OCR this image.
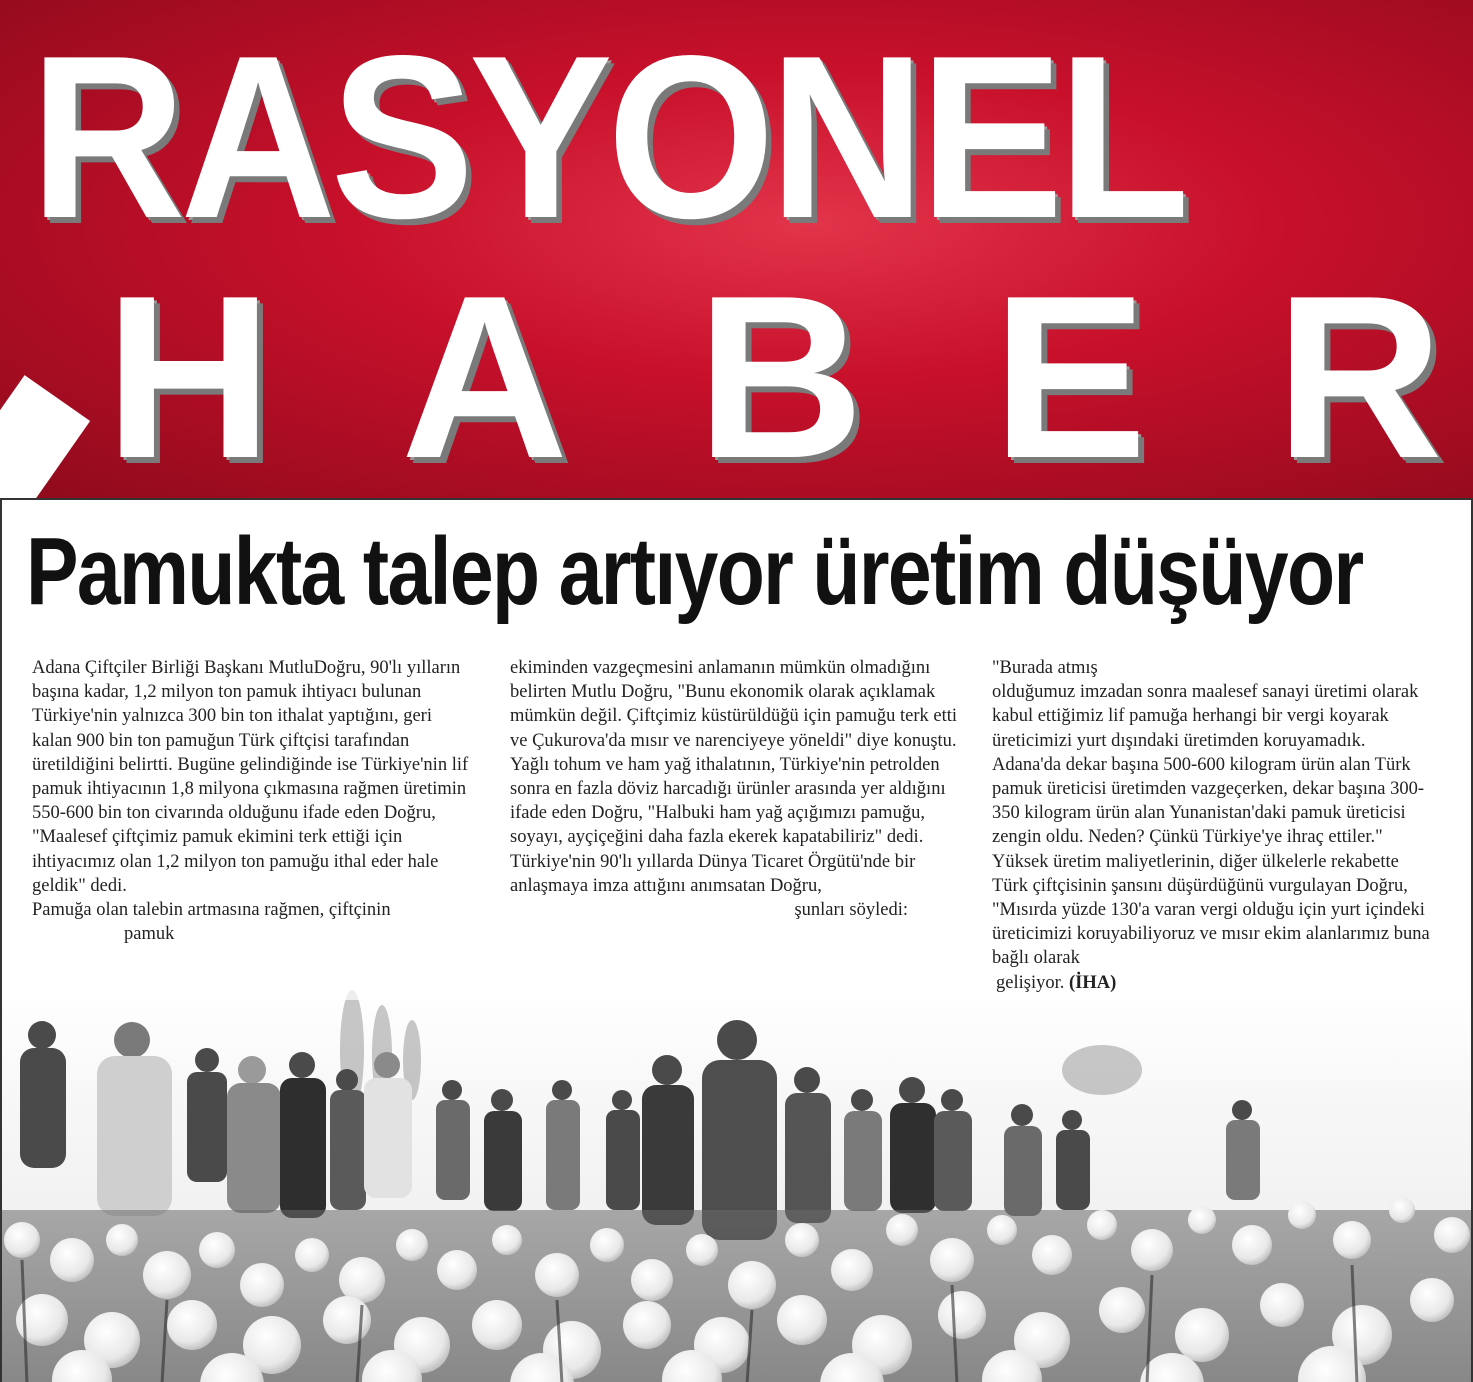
RASYONEL
H A B E R
Pamukta talep artıyor üretim düşüyor

Adana Çiftçiler Birliği Başkanı MutluDoğru, 90'lı yılların başına kadar, 1,2 milyon ton pamuk ihtiyacı bulunan Türkiye'nin yalnızca 300 bin ton ithalat yaptığını, geri kalan 900 bin ton pamuğun Türk çiftçisi tarafından üretildiğini belirtti. Bugüne gelindiğinde ise Türkiye'nin lif pamuk ihtiyacının 1,8 milyona çıkmasına rağmen üretimin 550-600 bin ton civarında olduğunu ifade eden Doğru, "Maalesef çiftçimiz pamuk ekimini terk ettiği için ihtiyacımız olan 1,2 milyon ton pamuğu ithal eder hale geldik" dedi.

Pamuğa olan talebin artmasına rağmen, çiftçinin

pamuk

ekiminden vazgeçmesini anlamanın mümkün olmadığını belirten Mutlu Doğru, "Bunu ekonomik olarak açıklamak mümkün değil. Çiftçimiz küstürüldüğü için pamuğu terk etti ve Çukurova'da mısır ve narenciyeye yöneldi" diye konuştu. Yağlı tohum ve ham yağ ithalatının, Türkiye'nin petrolden sonra en fazla döviz harcadığı ürünler arasında yer aldığını ifade eden Doğru, "Halbuki ham yağ açığımızı pamuğu, soyayı, ayçiçeğini daha fazla ekerek kapatabiliriz" dedi.

Türkiye'nin 90'lı yıllarda Dünya Ticaret Örgütü'nde bir anlaşmaya imza attığını anımsatan Doğru,

şunları söyledi:

"Burada atmış

olduğumuz imzadan sonra maalesef sanayi üretimi olarak kabul ettiğimiz lif pamuğa herhangi bir vergi koyarak üreticimizi yurt dışındaki üretimden koruyamadık. Adana'da dekar başına 500-600 kilogram ürün alan Türk pamuk üreticisi üretimden vazgeçerken, dekar başına 300-350 kilogram ürün alan Yunanistan'daki pamuk üreticisi zengin oldu. Neden? Çünkü Türkiye'ye ihraç ettiler." Yüksek üretim maliyetlerinin, diğer ülkelerle rekabette Türk çiftçisinin şansını düşürdüğünü vurgulayan Doğru, "Mısırda yüzde 130'a varan vergi olduğu için yurt içindeki üreticimizi koruyabiliyoruz ve mısır ekim alanlarımız buna bağlı olarak

gelişiyor. (İHA)
